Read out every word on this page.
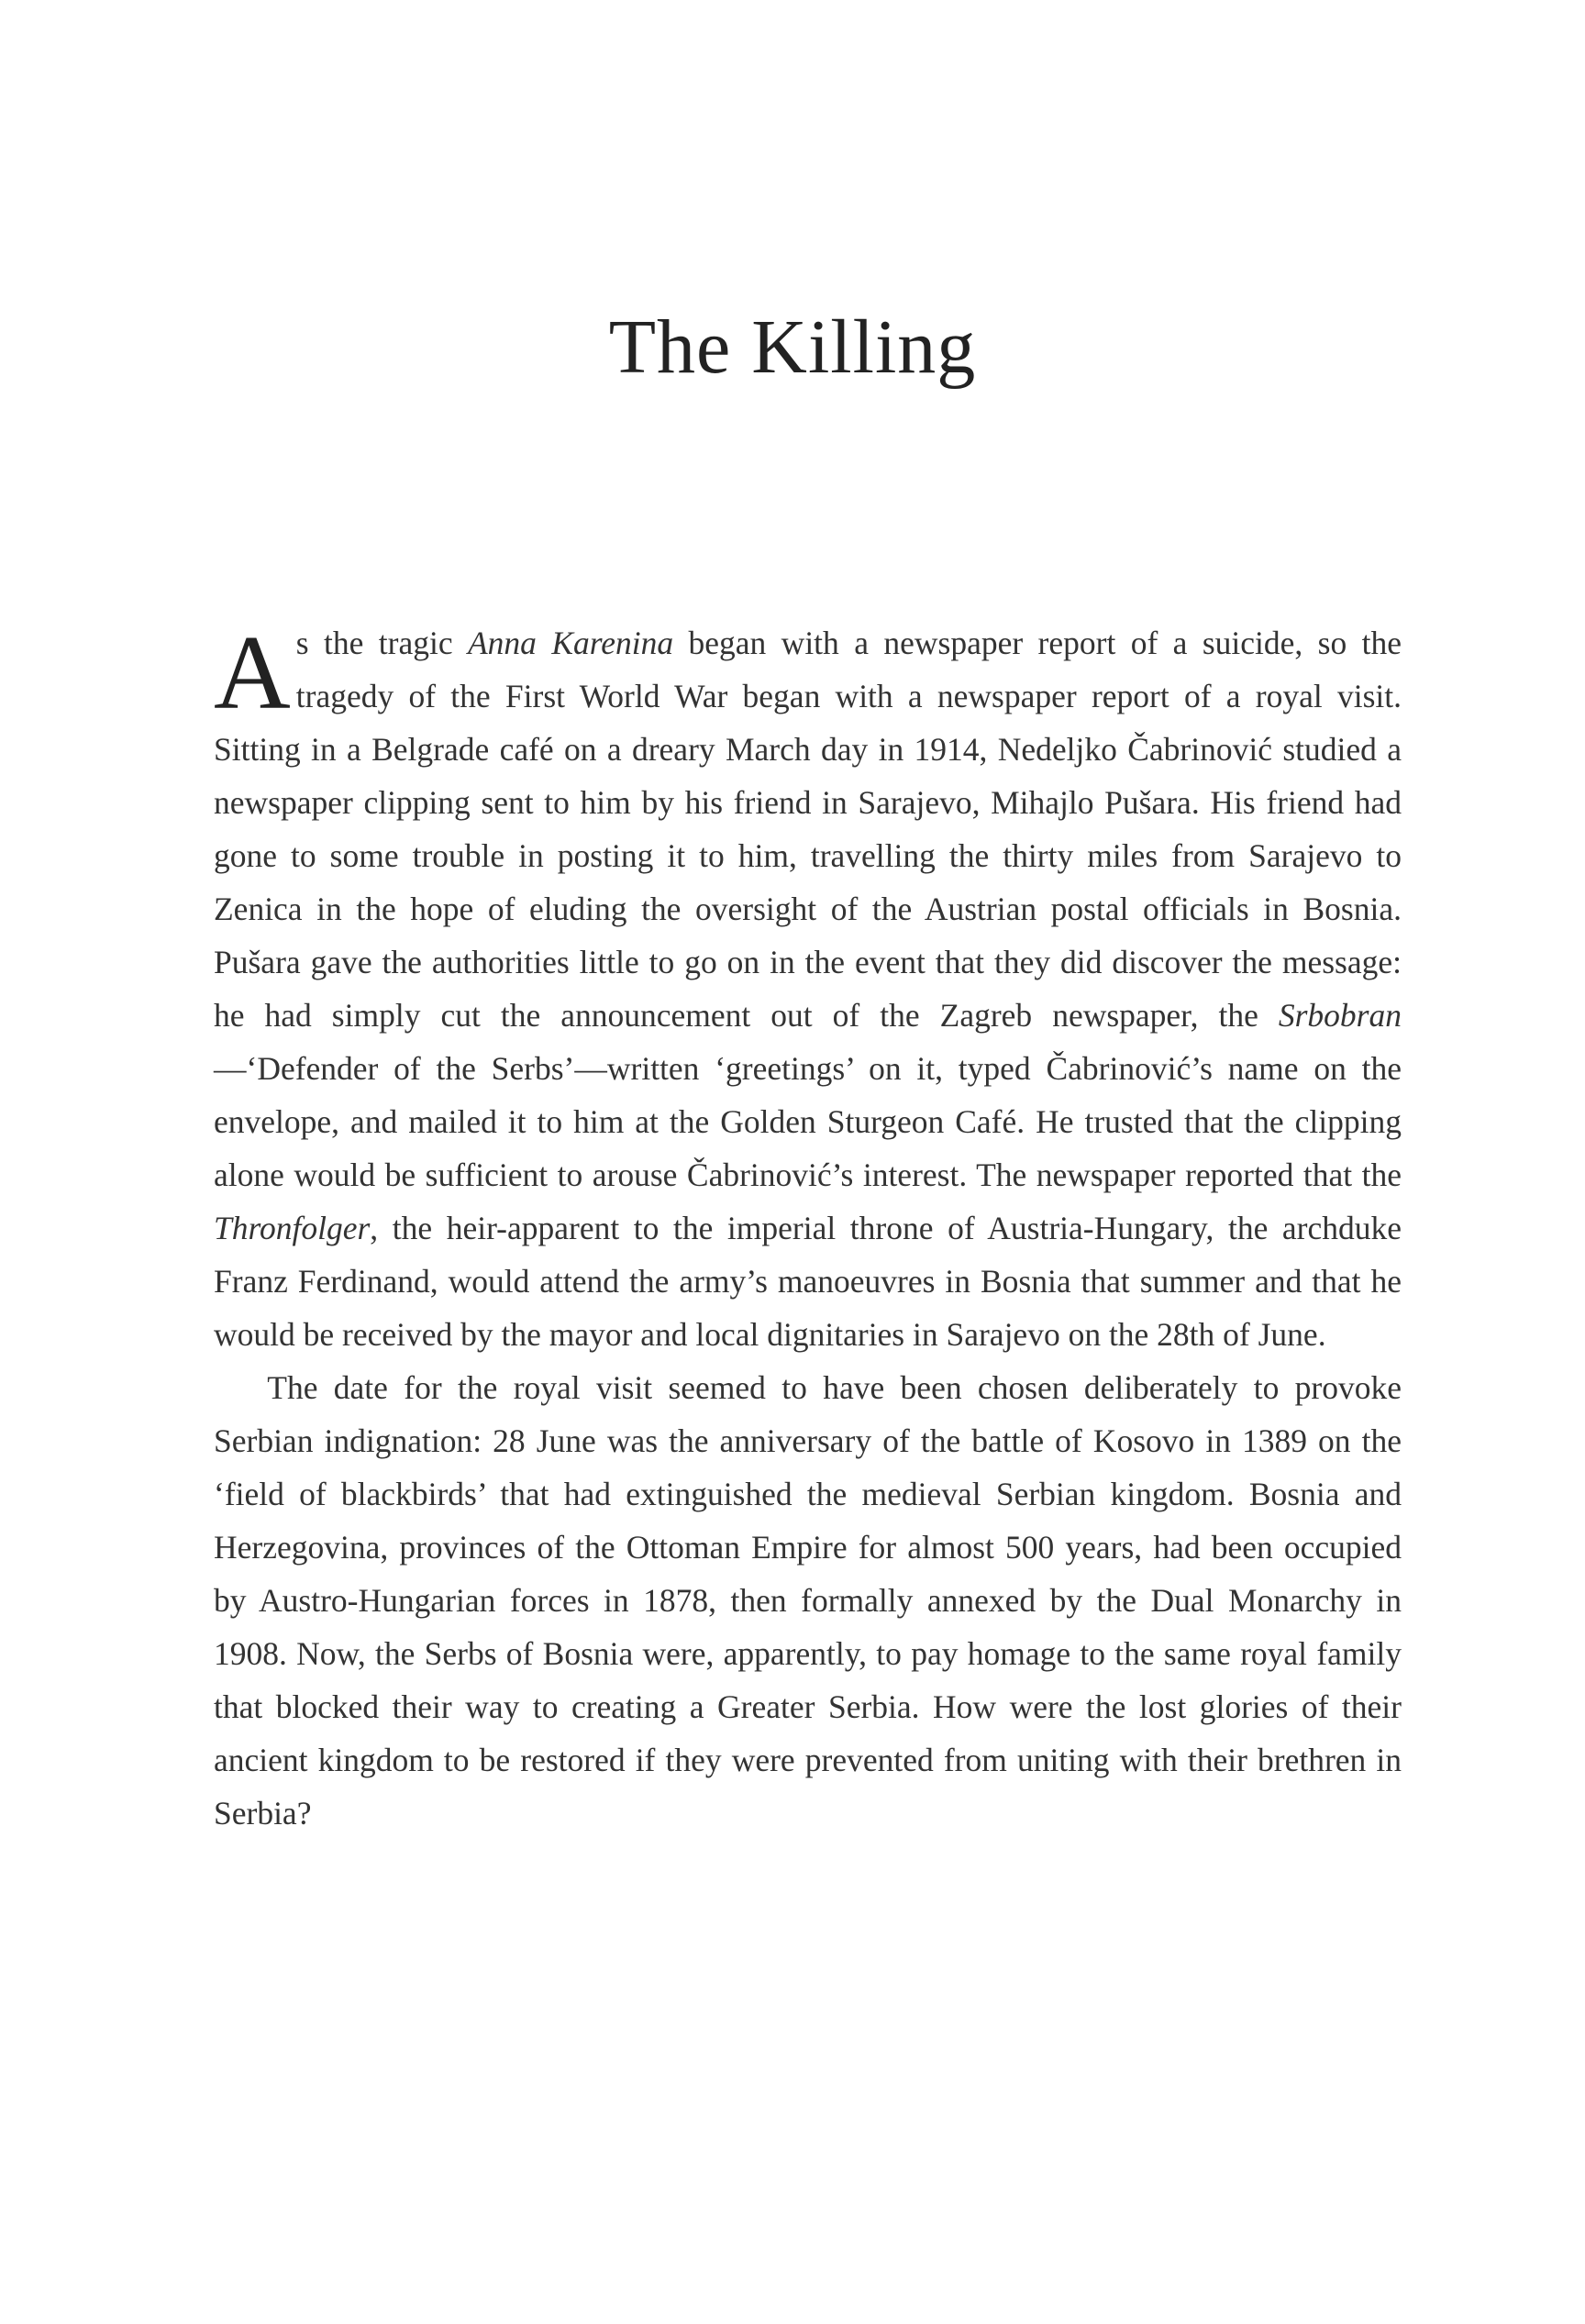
The Killing

As the tragic Anna Karenina began with a newspaper report of a suicide, so the tragedy of the First World War began with a newspaper report of a royal visit. Sitting in a Belgrade café on a dreary March day in 1914, Nedeljko Čabrinović studied a newspaper clipping sent to him by his friend in Sarajevo, Mihajlo Pušara. His friend had gone to some trouble in posting it to him, travelling the thirty miles from Sarajevo to Zenica in the hope of eluding the oversight of the Austrian postal officials in Bosnia. Pušara gave the authorities little to go on in the event that they did discover the message: he had simply cut the announcement out of the Zagreb newspaper, the Srbobran—‘Defender of the Serbs’—written ‘greetings’ on it, typed Čabrinović’s name on the envelope, and mailed it to him at the Golden Sturgeon Café. He trusted that the clipping alone would be sufficient to arouse Čabrinović’s interest. The newspaper reported that the Thronfolger, the heir-apparent to the imperial throne of Austria-Hungary, the archduke Franz Ferdinand, would attend the army’s manoeuvres in Bosnia that summer and that he would be received by the mayor and local dignitaries in Sarajevo on the 28th of June.

The date for the royal visit seemed to have been chosen deliberately to provoke Serbian indignation: 28 June was the anniversary of the battle of Kosovo in 1389 on the ‘field of blackbirds’ that had extinguished the medieval Serbian kingdom. Bosnia and Herzegovina, provinces of the Ottoman Empire for almost 500 years, had been occupied by Austro-Hungarian forces in 1878, then formally annexed by the Dual Monarchy in 1908. Now, the Serbs of Bosnia were, apparently, to pay homage to the same royal family that blocked their way to creating a Greater Serbia. How were the lost glories of their ancient kingdom to be restored if they were prevented from uniting with their brethren in Serbia?
